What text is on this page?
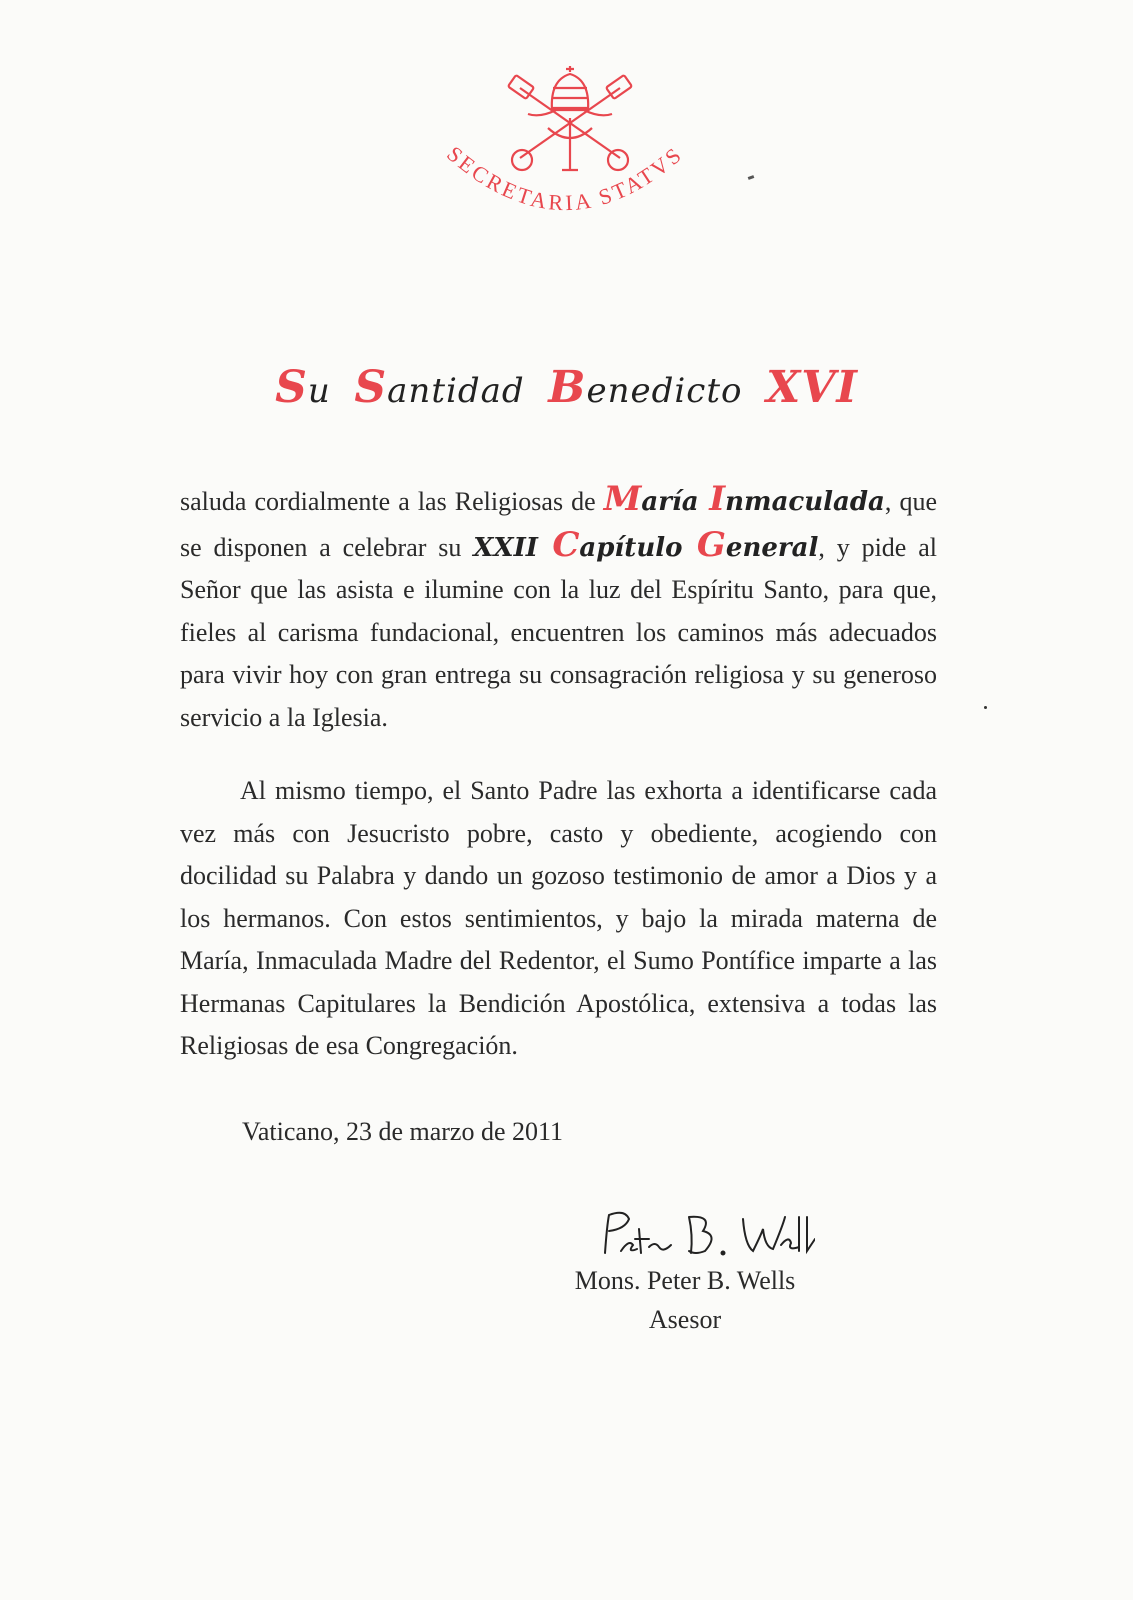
SECRETARIA STATVS
Su Santidad Benedicto XVI
saluda cordialmente a las Religiosas de María Inmaculada, que se disponen a celebrar su XXII Capítulo General, y pide al Señor que las asista e ilumine con la luz del Espíritu Santo, para que, fieles al carisma fundacional, encuentren los caminos más adecuados para vivir hoy con gran entrega su consagración religiosa y su generoso servicio a la Iglesia.
Al mismo tiempo, el Santo Padre las exhorta a identificarse cada vez más con Jesucristo pobre, casto y obediente, acogiendo con docilidad su Palabra y dando un gozoso testimonio de amor a Dios y a los hermanos. Con estos sentimientos, y bajo la mirada materna de María, Inmaculada Madre del Redentor, el Sumo Pontífice imparte a las Hermanas Capitulares la Bendición Apostólica, extensiva a todas las Religiosas de esa Congregación.
Vaticano, 23 de marzo de 2011
Mons. Peter B. Wells
Asesor
